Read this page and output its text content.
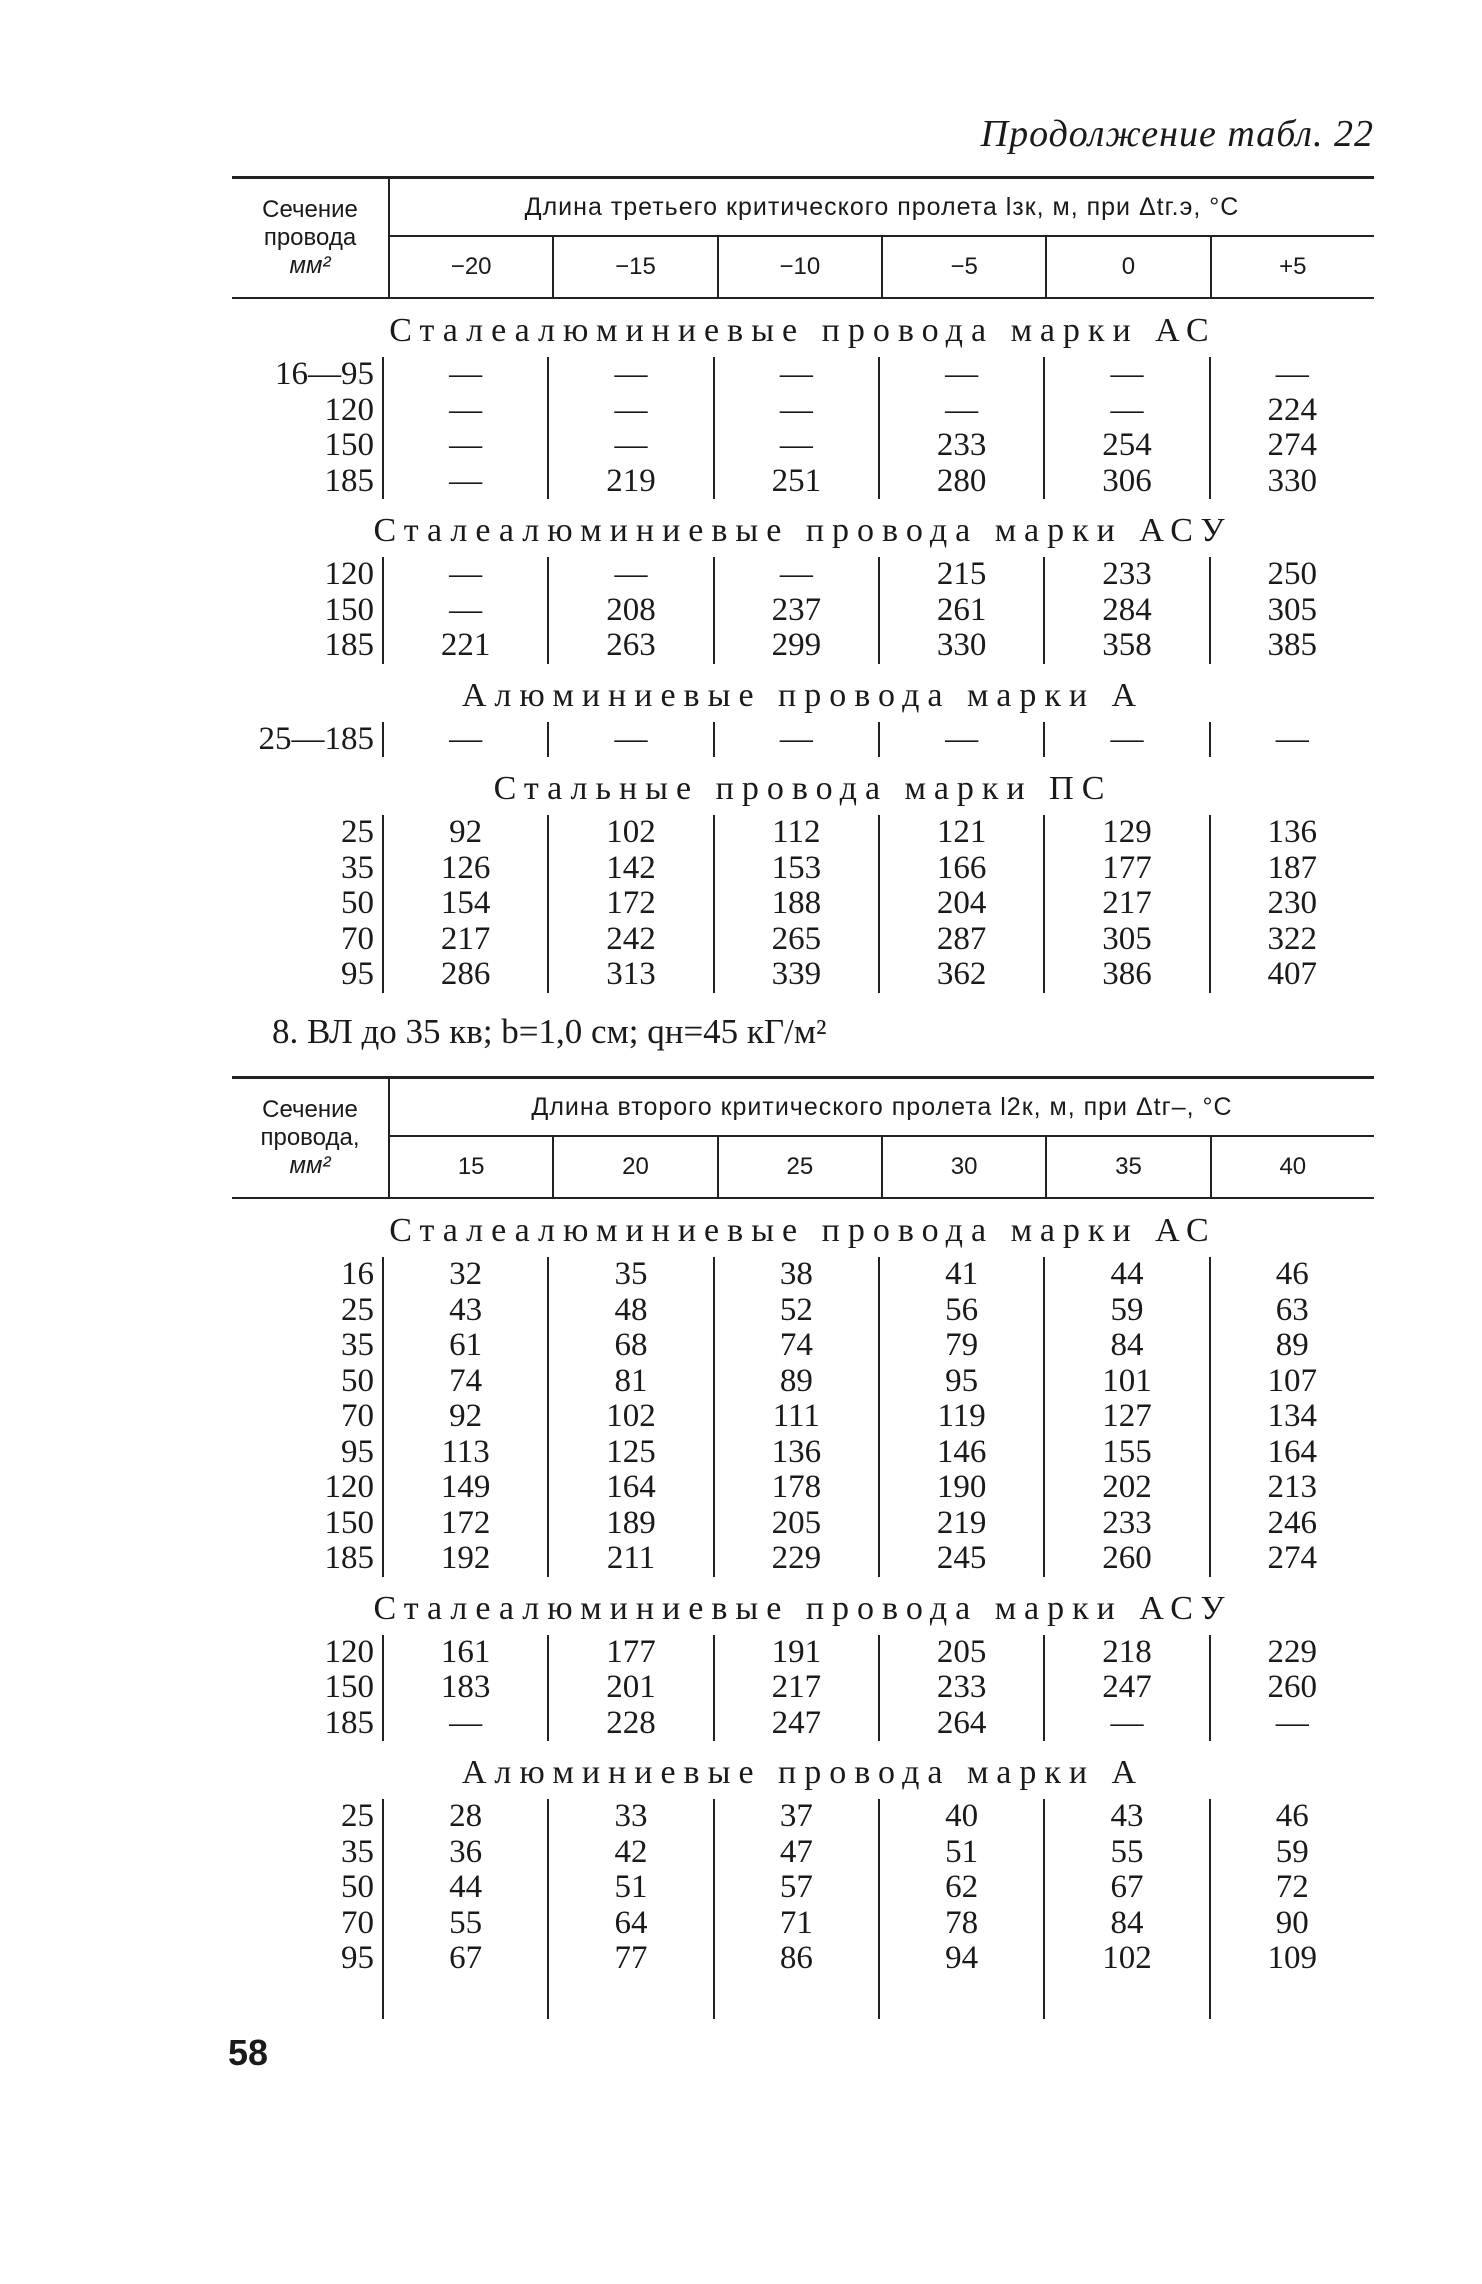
Продолжение табл. 22
Сечение
провода
мм²
Длина третьего критического пролета lзк, м, при Δtг.э, °С
−20	−15	−10	−5	0	+5
Сталеалюминиевые провода марки АС
16—95	—	—	—	—	—	—
120	—	—	—	—	—	224
150	—	—	—	233	254	274
185	—	219	251	280	306	330
Сталеалюминиевые провода марки АСУ
120	—	—	—	215	233	250
150	—	208	237	261	284	305
185	221	263	299	330	358	385
Алюминиевые провода марки А
25—185	—	—	—	—	—	—
Стальные провода марки ПС
25	92	102	112	121	129	136
35	126	142	153	166	177	187
50	154	172	188	204	217	230
70	217	242	265	287	305	322
95	286	313	339	362	386	407
8. ВЛ до 35 кв; b=1,0 см; qн=45 кГ/м²
Сечение
провода,
мм²
Длина второго критического пролета l2к, м, при Δtг–, °С
15	20	25	30	35	40
Сталеалюминиевые провода марки АС
16	32	35	38	41	44	46
25	43	48	52	56	59	63
35	61	68	74	79	84	89
50	74	81	89	95	101	107
70	92	102	111	119	127	134
95	113	125	136	146	155	164
120	149	164	178	190	202	213
150	172	189	205	219	233	246
185	192	211	229	245	260	274
Сталеалюминиевые провода марки АСУ
120	161	177	191	205	218	229
150	183	201	217	233	247	260
185	—	228	247	264	—	—
Алюминиевые провода марки А
25	28	33	37	40	43	46
35	36	42	47	51	55	59
50	44	51	57	62	67	72
70	55	64	71	78	84	90
95	67	77	86	94	102	109
58
